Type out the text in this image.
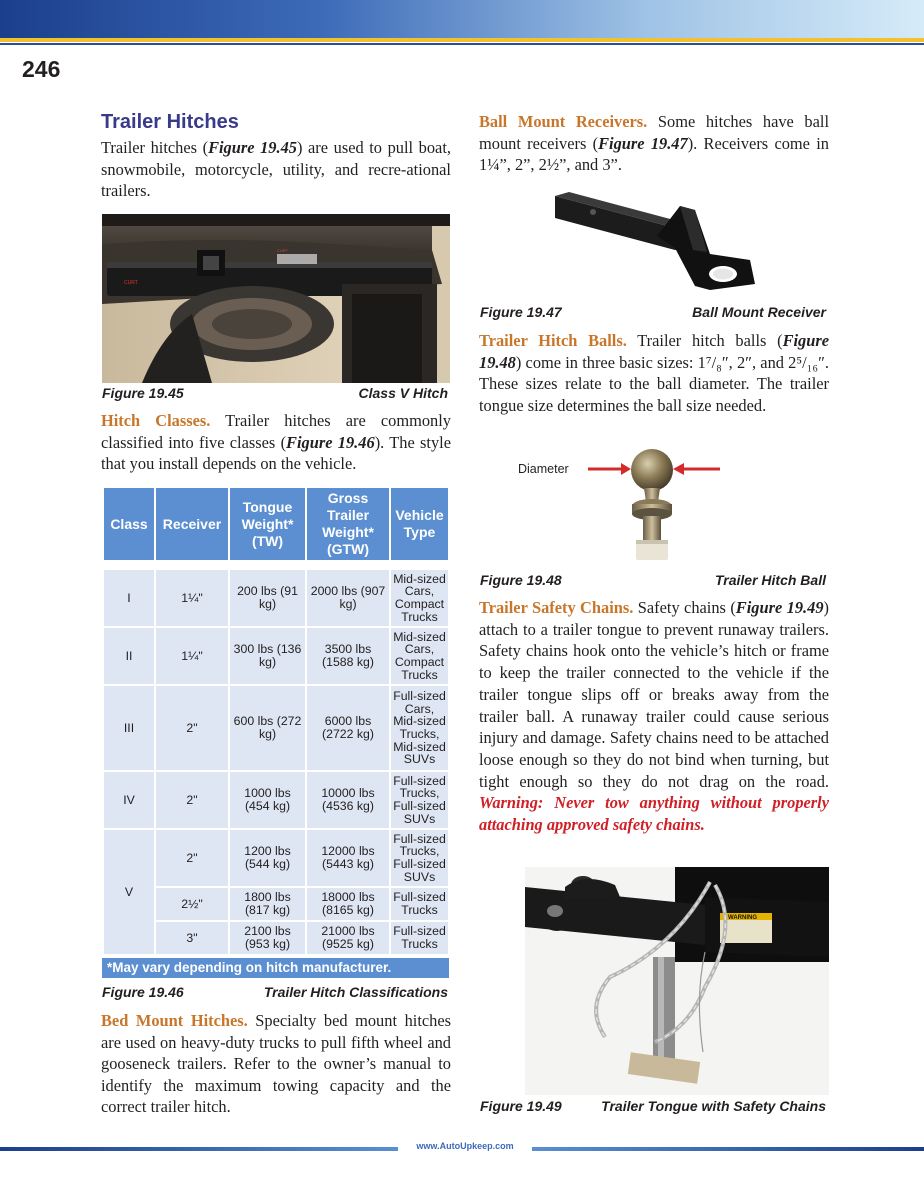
246
Trailer Hitches

Trailer hitches (Figure 19.45) are used to pull boat, snowmobile, motorcycle, utility, and recre-ational trailers.

CURT
CURT
Figure 19.45	Class V Hitch

Hitch Classes. Trailer hitches are commonly classified into five classes (Figure 19.46). The style that you install depends on the vehicle.

Class	Receiver	Tongue Weight* (TW)	Gross Trailer Weight* (GTW)	Vehicle Type

I	1¼"	200 lbs (91 kg)	2000 lbs (907 kg)	Mid-sized Cars, Compact Trucks
II	1¼"	300 lbs (136 kg)	3500 lbs (1588 kg)	Mid-sized Cars, Compact Trucks
III	2"	600 lbs (272 kg)	6000 lbs (2722 kg)	Full-sized Cars, Mid-sized Trucks, Mid-sized SUVs
IV	2"	1000 lbs (454 kg)	10000 lbs (4536 kg)	Full-sized Trucks, Full-sized SUVs
V	2"	1200 lbs (544 kg)	12000 lbs (5443 kg)	Full-sized Trucks, Full-sized SUVs
	2½"	1800 lbs (817 kg)	18000 lbs (8165 kg)	Full-sized Trucks
	3"	2100 lbs (953 kg)	21000 lbs (9525 kg)	Full-sized Trucks
*May vary depending on hitch manufacturer.
Figure 19.46	Trailer Hitch Classifications

Bed Mount Hitches. Specialty bed mount hitches are used on heavy-duty trucks to pull fifth wheel and gooseneck trailers. Refer to the owner’s manual to identify the maximum towing capacity and the correct trailer hitch.

Ball Mount Receivers. Some hitches have ball mount receivers (Figure 19.47). Receivers come in 1¼”, 2”, 2½”, and 3”.

Figure 19.47	Ball Mount Receiver

Trailer Hitch Balls. Trailer hitch balls (Figure 19.48) come in three basic sizes: 1⁷/₈″, 2″, and 2⁵/₁₆″. These sizes relate to the ball diameter. The trailer tongue size determines the ball size needed.

Diameter
Figure 19.48	Trailer Hitch Ball

Trailer Safety Chains. Safety chains (Figure 19.49) attach to a trailer tongue to prevent runaway trailers. Safety chains hook onto the vehicle’s hitch or frame to keep the trailer connected to the vehicle if the trailer tongue slips off or breaks away from the trailer ball. A runaway trailer could cause serious injury and damage. Safety chains need to be attached loose enough so they do not bind when turning, but tight enough so they do not drag on the road. Warning: Never tow anything without properly attaching approved safety chains.

WARNING
Figure 19.49	Trailer Tongue with Safety Chains
www.AutoUpkeep.com
